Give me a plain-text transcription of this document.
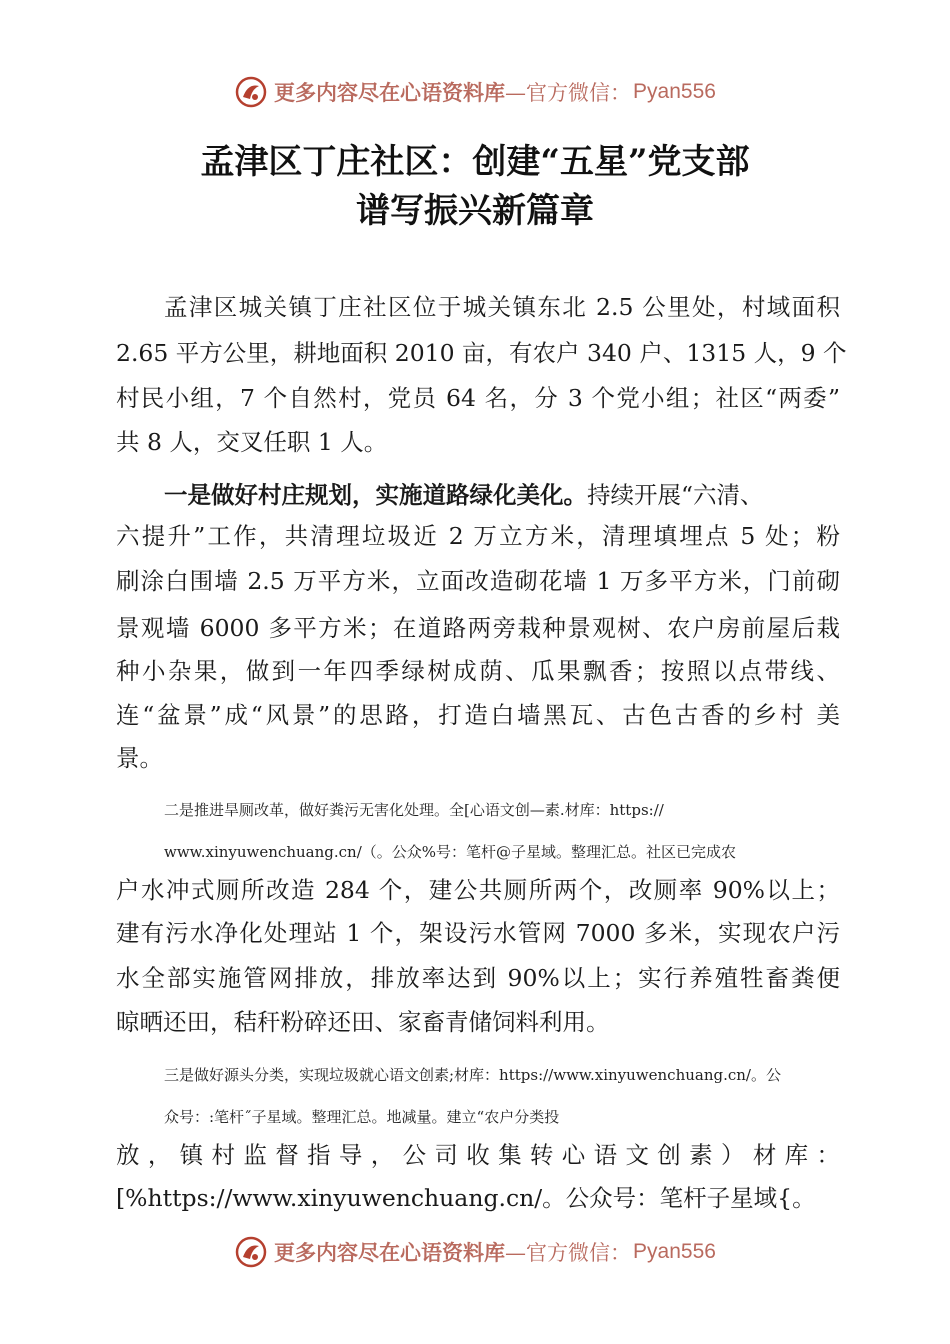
更多内容尽在心语资料库 —官方微信： Pyan556
孟津区丁庄社区：创建“五星”党支部
谱写振兴新篇章
孟津区城关镇丁庄社区位于城关镇东北 2.5 公里处，村域面积
2.65 平方公里，耕地面积 2010 亩，有农户 340 户、1315 人，9 个
村民小组，7 个自然村，党员 64 名，分 3 个党小组；社区“两委”
共 8 人，交叉任职 1 人。
一是做好村庄规划，实施道路绿化美化。持续开展“六清、
六提升”工作，共清理垃圾近 2 万立方米，清理填埋点 5 处；粉
刷涂白围墙 2.5 万平方米，立面改造砌花墙 1 万多平方米，门前砌
景观墙 6000 多平方米；在道路两旁栽种景观树、农户房前屋后栽
种小杂果，做到一年四季绿树成荫、瓜果飘香；按照以点带线、
连“盆景”成“风景”的思路，打造白墙黑瓦、古色古香的乡村 美
景。
二是推进旱厕改革，做好粪污无害化处理。全[心语文创—素.材库：https://
www.xinyuwenchuang.cn/（。公众%号：笔杆@子星域。整理汇总。社区已完成农
户水冲式厕所改造 284 个，建公共厕所两个，改厕率 90%以上；
建有污水净化处理站 1 个，架设污水管网 7000 多米，实现农户污
水全部实施管网排放，排放率达到 90%以上；实行养殖牲畜粪便
晾晒还田，秸秆粉碎还田、家畜青储饲料利用。
三是做好源头分类，实现垃圾就心语文创素;材库：https://www.xinyuwenchuang.cn/。公
众号：:笔杆˝子星域。整理汇总。地减量。建立“农户分类投
放，镇村监督指导，公司收集转心语文创素）材库：
[%https://www.xinyuwenchuang.cn/。公众号：笔杆子星域{。
更多内容尽在心语资料库 —官方微信： Pyan556
